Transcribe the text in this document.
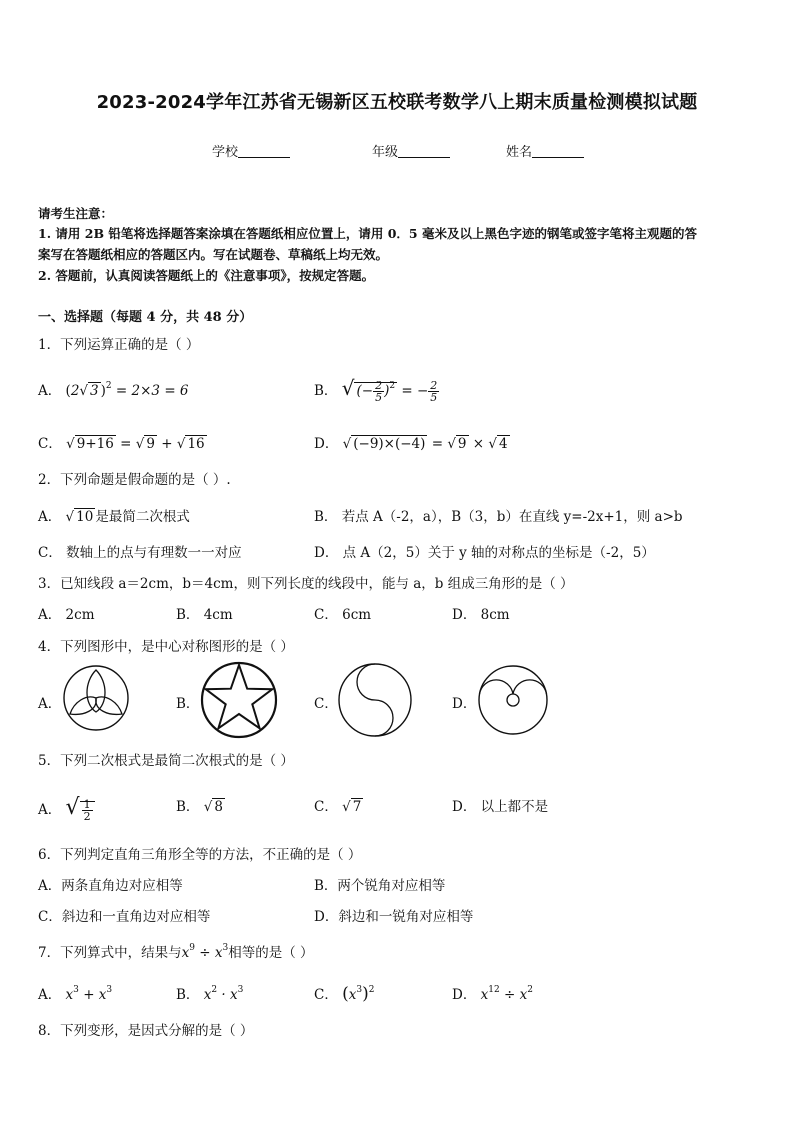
2023-2024学年江苏省无锡新区五校联考数学八上期末质量检测模拟试题
学校	年级	姓名
请考生注意：
1. 请用 2B 铅笔将选择题答案涂填在答题纸相应位置上，请用 0．5 毫米及以上黑色字迹的钢笔或签字笔将主观题的答
案写在答题纸相应的答题区内。写在试题卷、草稿纸上均无效。
2. 答题前，认真阅读答题纸上的《注意事项》，按规定答题。
一、选择题（每题 4 分，共 48 分）
1．下列运算正确的是（ ）
A． (2√ 3 )$^2$ = 2×3 = 6	B． √ (− $\frac{2}{5} )^2$ = − $\frac{2}{5}$
C． √ 9+16 = √ 9 + √ 16	D． √ (−9)×(−4) = √ 9 × √ 4
2．下列命题是假命题的是（ ）.
A． √ 10 是最简二次根式	B． 若点 A（-2，a），B（3，b）在直线 y=-2x+1，则 a>b
C． 数轴上的点与有理数一一对应	D． 点 A（2，5）关于 y 轴的对称点的坐标是（-2，5）
3．已知线段 a＝2cm，b＝4cm，则下列长度的线段中，能与 a，b 组成三角形的是（ ）
A． 2cm	B． 4cm	C． 6cm	D． 8cm
4．下列图形中，是中心对称图形的是（ ）
A．	B．	C．	D．
5．下列二次根式是最简二次根式的是（ ）
A． √ $\frac{1}{2}$	B． √ 8	C． √ 7	D． 以上都不是
6．下列判定直角三角形全等的方法，不正确的是（ ）
A．两条直角边对应相等	B．两个锐角对应相等
C．斜边和一直角边对应相等	D．斜边和一锐角对应相等
7．下列算式中，结果与$x^9 \div x^3$相等的是（ ）
A． $x^3 + x^3$	B． $x^2 \cdot x^3$	C． $(x^3)^2$	D． $x^{12} \div x^2$
8．下列变形，是因式分解的是（ ）
